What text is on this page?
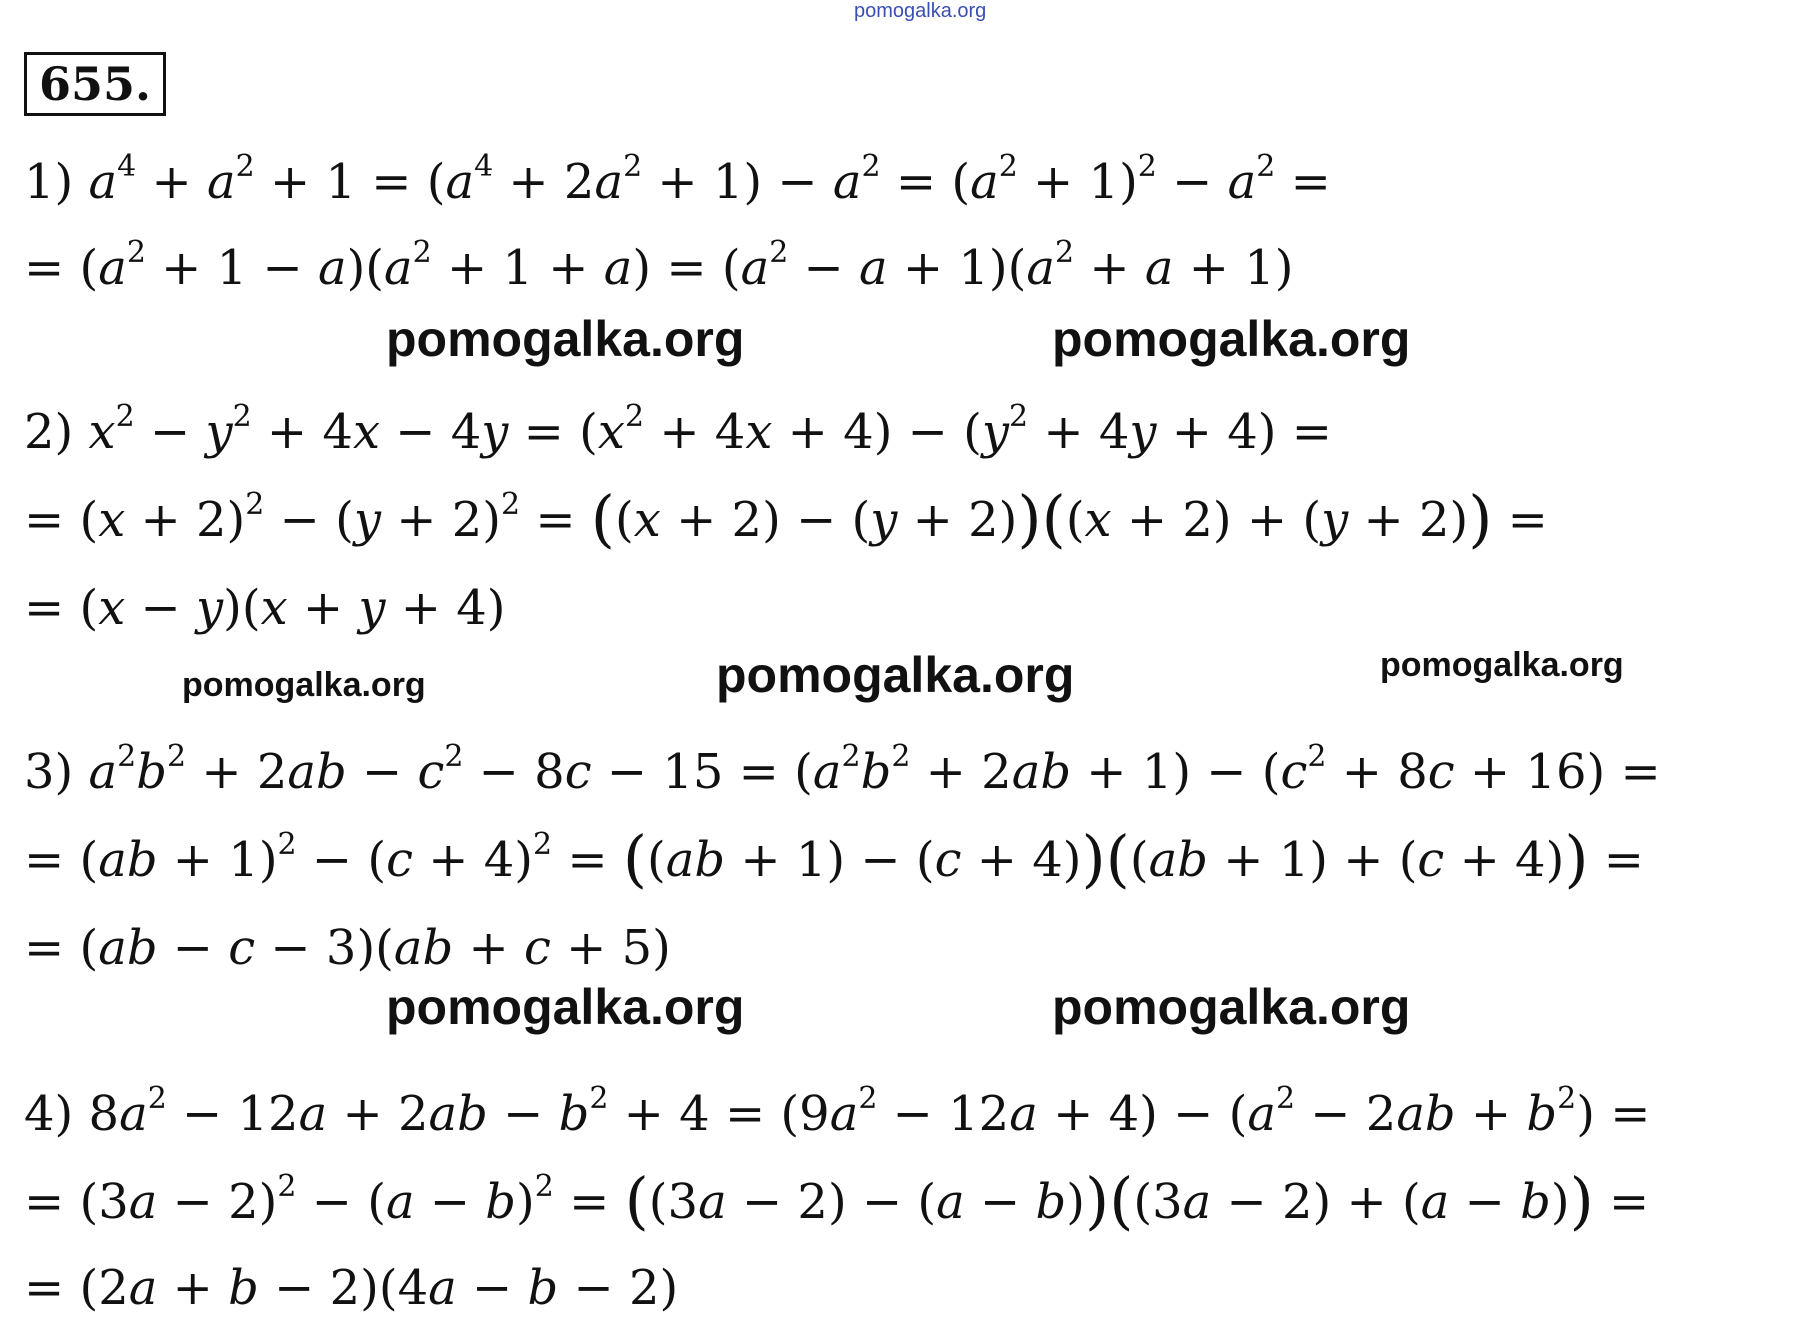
pomogalka.org
655.
1) $a^4 + a^2 + 1 = (a^4 + 2a^2 + 1) - a^2 = (a^2 + 1)^2 - a^2$ =
= $(a^2 + 1 - a)(a^2 + 1 + a) = (a^2 - a + 1)(a^2 + a + 1)$
pomogalka.org	pomogalka.org
2) $x^2 - y^2 + 4x - 4y = (x^2 + 4x + 4) - (y^2 + 4y + 4)$ =
= $(x + 2)^2 - (y + 2)^2 = ((x + 2) - (y + 2))((x + 2) + (y + 2))$ =
= (x − y)(x + y + 4)
pomogalka.org	pomogalka.org	pomogalka.org
3) $a^2b^2 + 2ab - c^2 - 8c - 15 = (a^2b^2 + 2ab + 1) - (c^2 + 8c + 16)$ =
= $(ab + 1)^2 - (c + 4)^2 = ((ab + 1) - (c + 4))((ab + 1) + (c + 4))$ =
= (ab − c − 3)(ab + c + 5)
pomogalka.org	pomogalka.org
4) $8a^2 - 12a + 2ab - b^2 + 4 = (9a^2 - 12a + 4) - (a^2 - 2ab + b^2)$ =
= $(3a - 2)^2 - (a - b)^2 = ((3a - 2) - (a - b))((3a - 2) + (a - b))$ =
= (2a + b − 2)(4a − b − 2)
